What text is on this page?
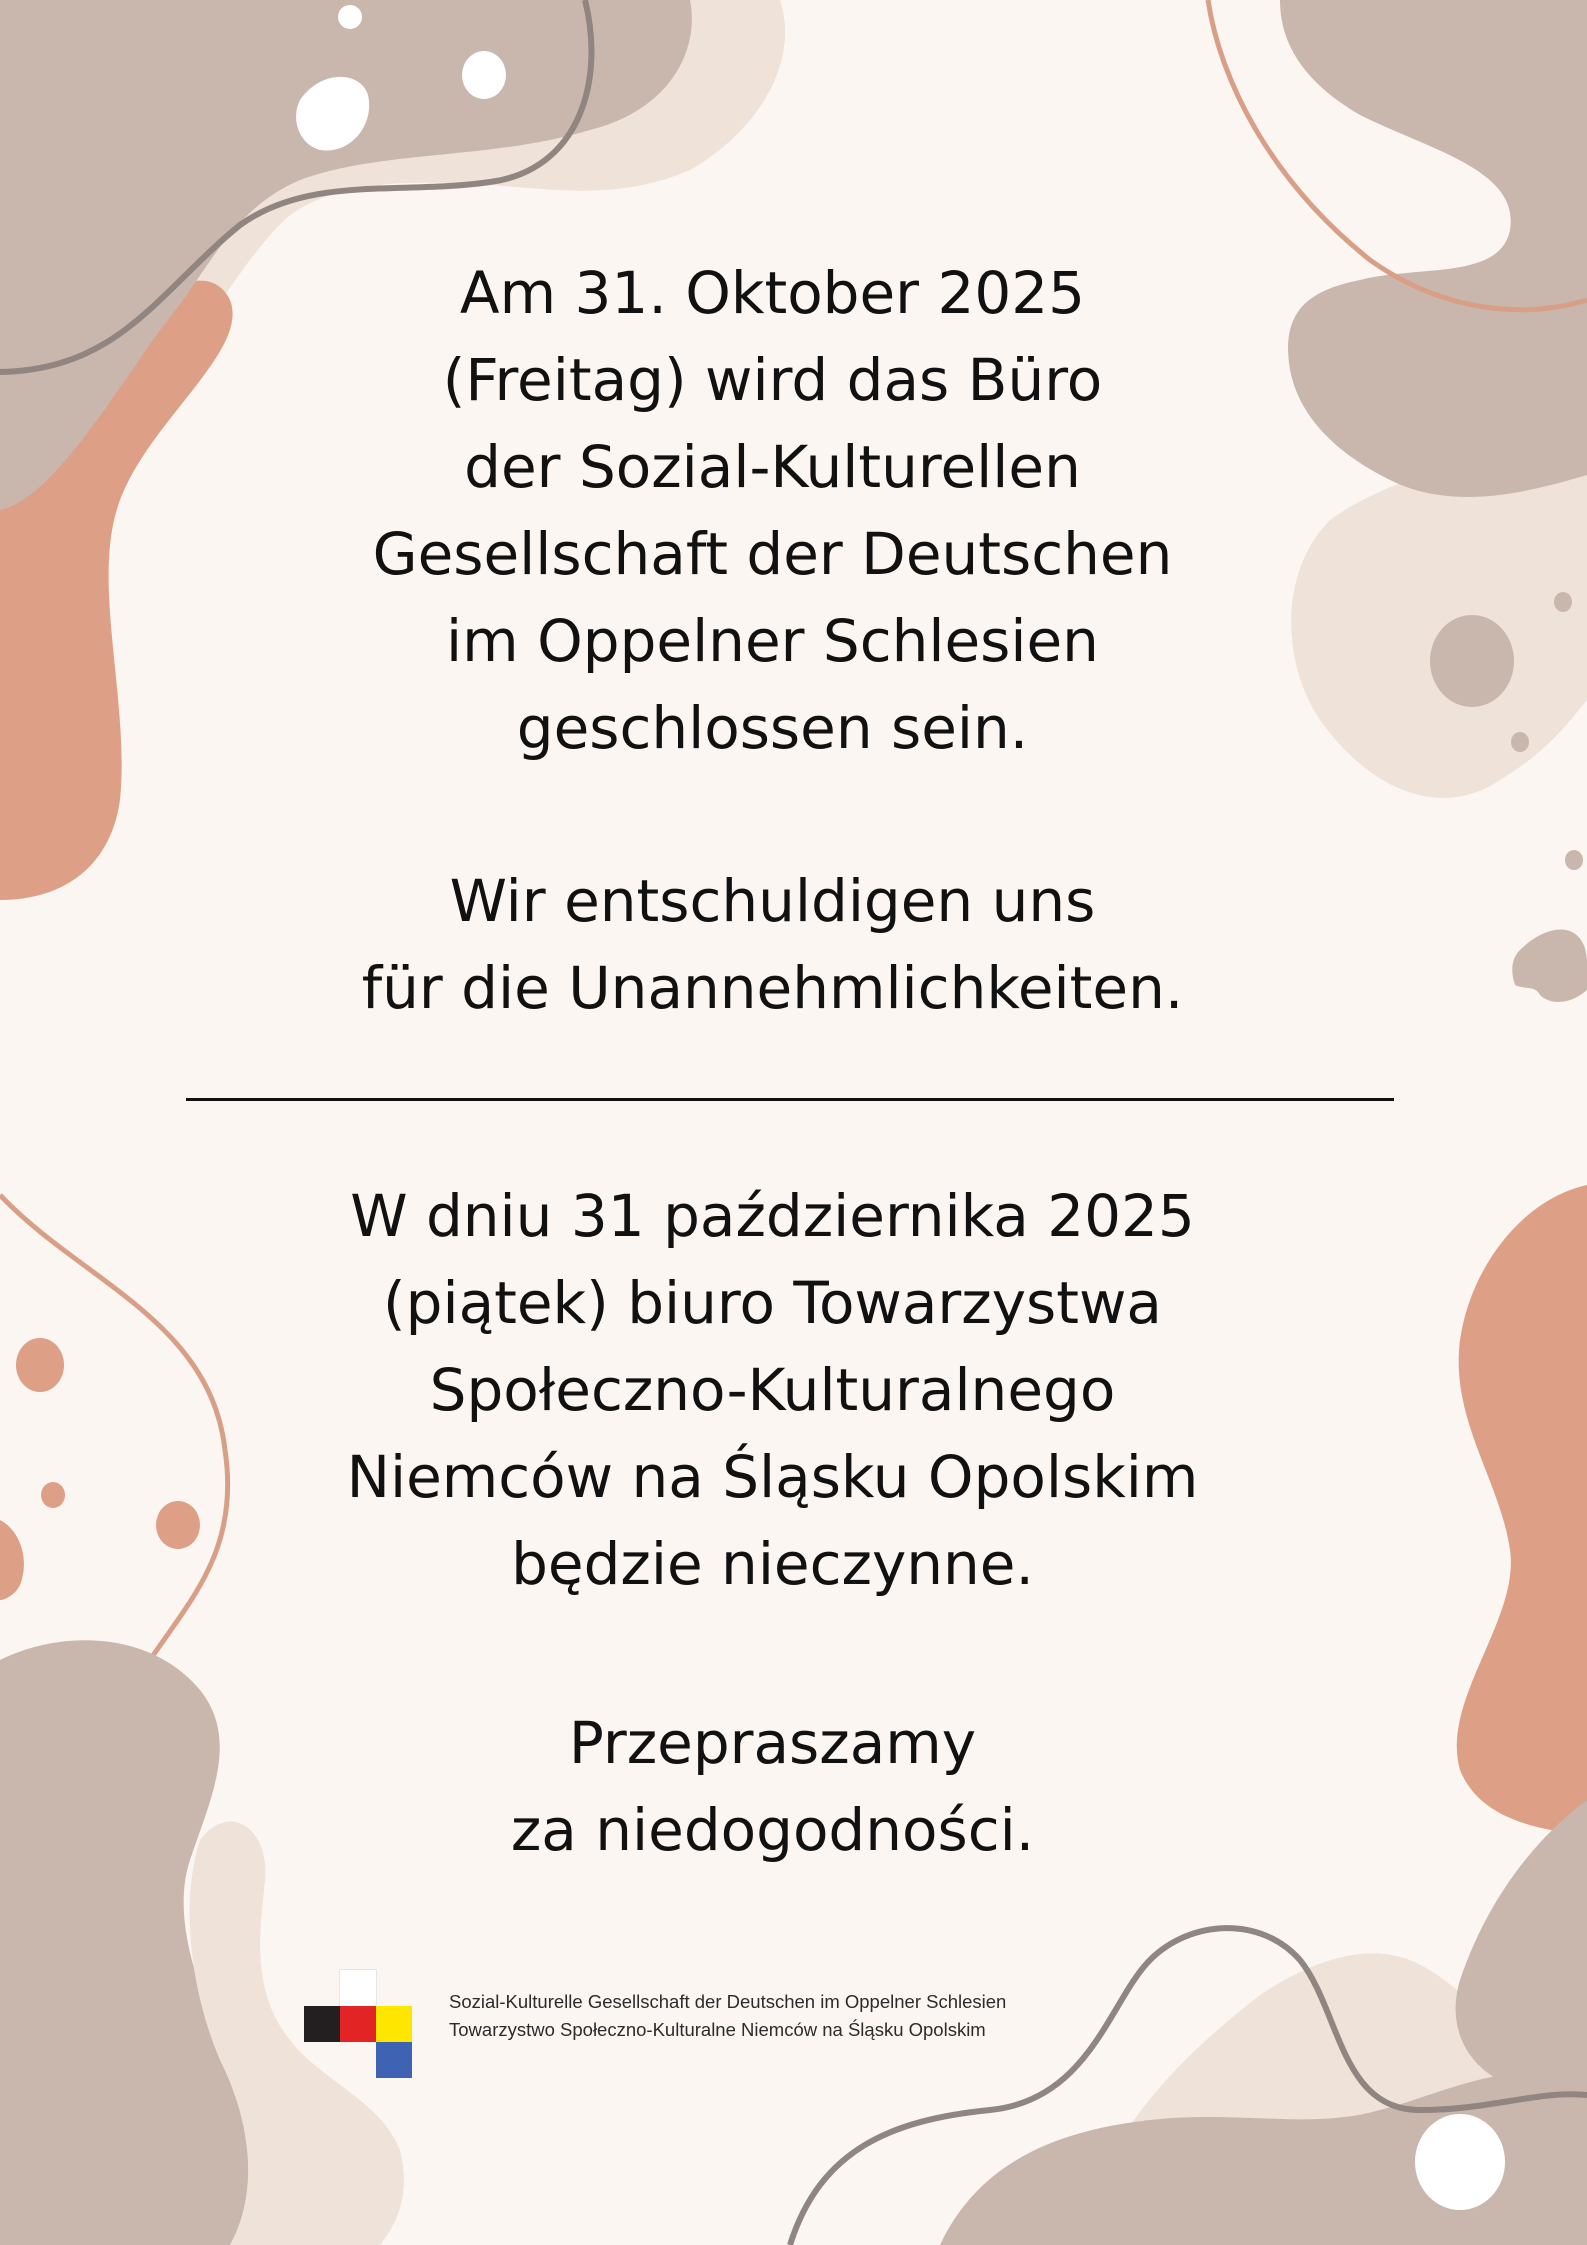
Am 31. Oktober 2025
(Freitag) wird das Büro
der Sozial-Kulturellen
Gesellschaft der Deutschen
im Oppelner Schlesien
geschlossen sein.
Wir entschuldigen uns
für die Unannehmlichkeiten.
W dniu 31 października 2025
(piątek) biuro Towarzystwa
Społeczno-Kulturalnego
Niemców na Śląsku Opolskim
będzie nieczynne.
Przepraszamy
za niedogodności.
Sozial-Kulturelle Gesellschaft der Deutschen im Oppelner Schlesien
Towarzystwo Społeczno-Kulturalne Niemców na Śląsku Opolskim
